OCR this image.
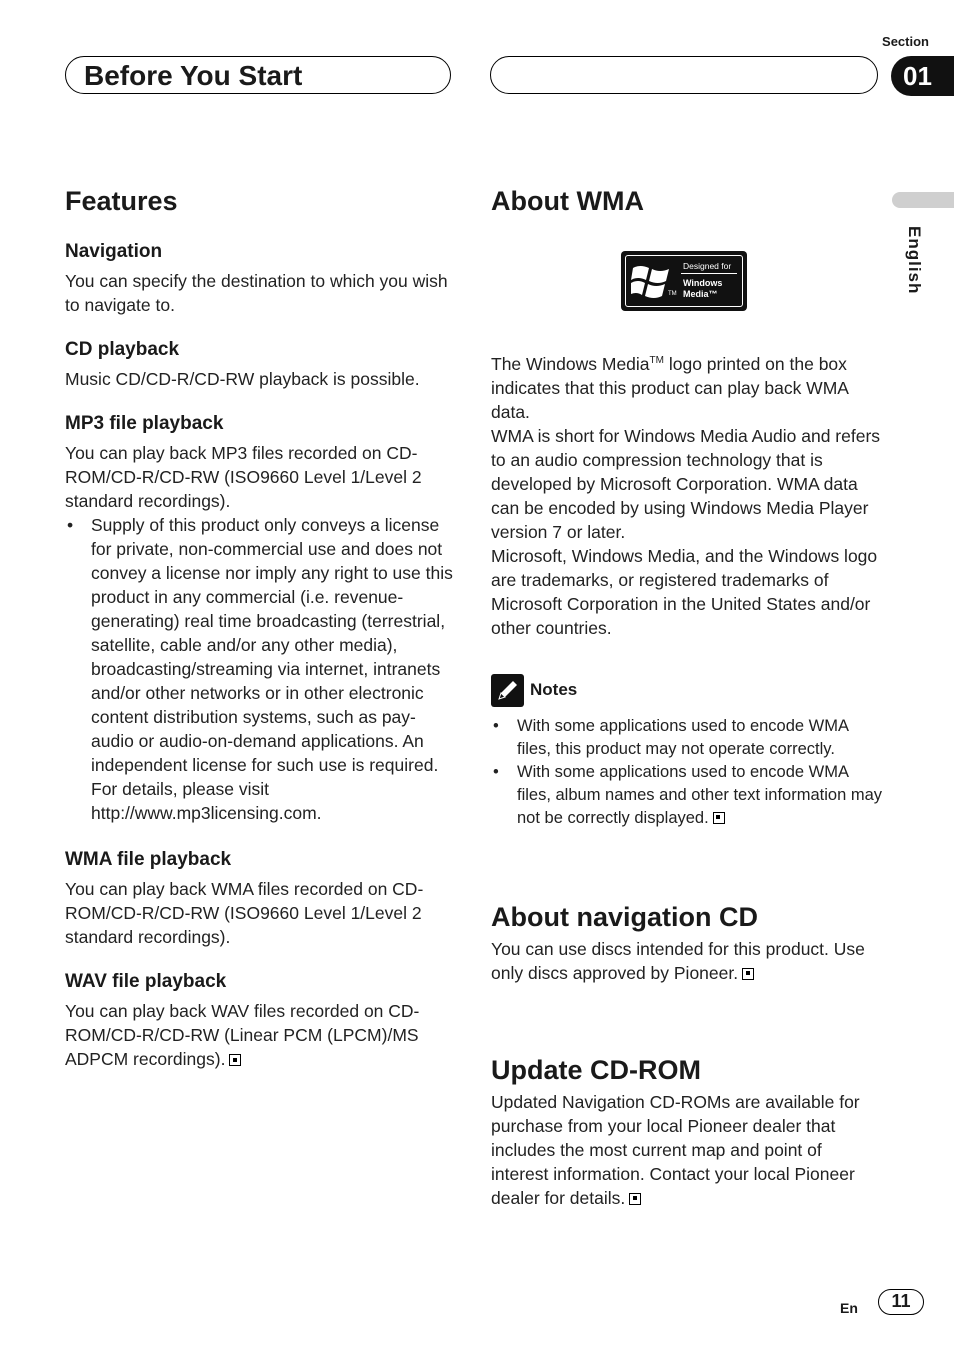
Section
Before You Start	01
English
Features
Navigation

You can specify the destination to which you wish to navigate to.

CD playback

Music CD/CD-R/CD-RW playback is possible.

MP3 file playback

You can play back MP3 files recorded on CD-ROM/CD-R/CD-RW (ISO9660 Level 1/Level 2 standard recordings).

• Supply of this product only conveys a license for private, non-commercial use and does not convey a license nor imply any right to use this product in any commercial (i.e. revenue-generating) real time broadcasting (terrestrial, satellite, cable and/or any other media), broadcasting/streaming via internet, intranets and/or other networks or in other electronic content distribution systems, such as pay-audio or audio-on-demand applications. An independent license for such use is required. For details, please visit http://www.mp3licensing.com.
WMA file playback

You can play back WMA files recorded on CD-ROM/CD-R/CD-RW (ISO9660 Level 1/Level 2 standard recordings).

WAV file playback

You can play back WAV files recorded on CD-ROM/CD-R/CD-RW (Linear PCM (LPCM)/MS ADPCM recordings).

About WMA
Designed for
Windows
Media™
TM

The Windows Media™ logo printed on the box indicates that this product can play back WMA data.

WMA is short for Windows Media Audio and refers to an audio compression technology that is developed by Microsoft Corporation. WMA data can be encoded by using Windows Media Player version 7 or later.

Microsoft, Windows Media, and the Windows logo are trademarks, or registered trademarks of Microsoft Corporation in the United States and/or other countries.

Notes
• With some applications used to encode WMA files, this product may not operate correctly.
• With some applications used to encode WMA files, album names and other text information may not be correctly displayed.
About navigation CD

You can use discs intended for this product. Use only discs approved by Pioneer.

Update CD-ROM

Updated Navigation CD-ROMs are available for purchase from your local Pioneer dealer that includes the most current map and point of interest information. Contact your local Pioneer dealer for details.

En	11
